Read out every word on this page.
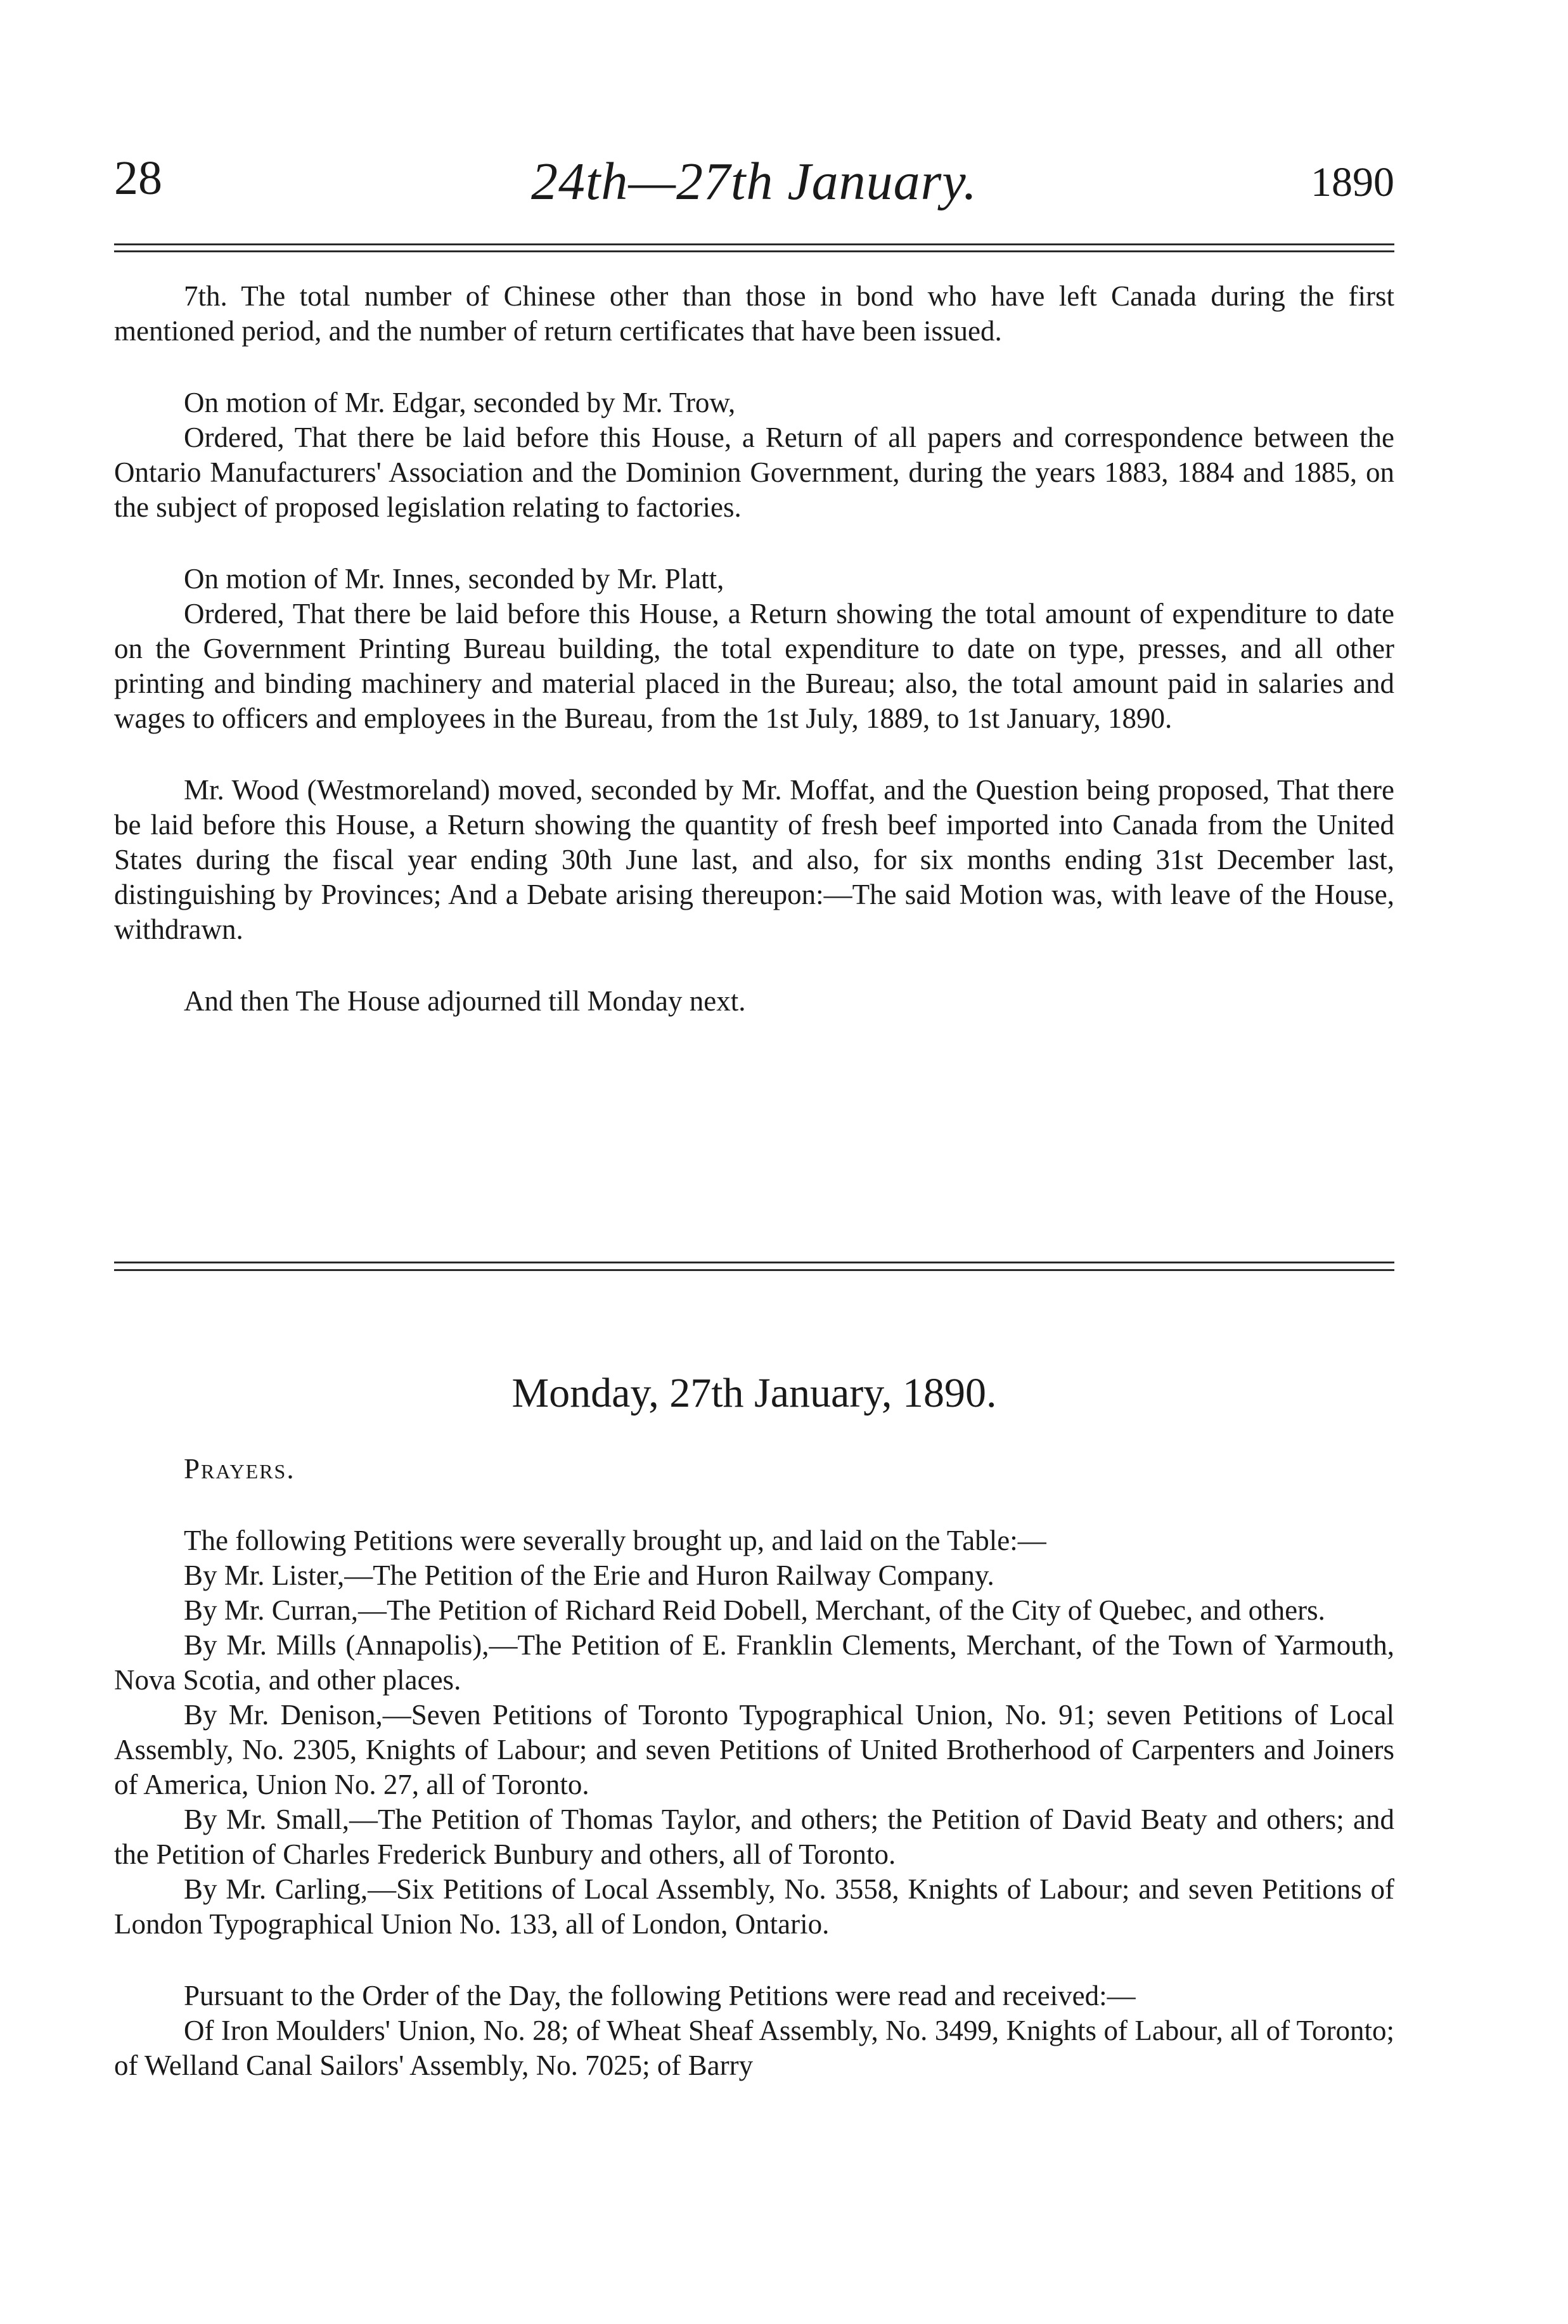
28	24th—27th January.	1890

7th. The total number of Chinese other than those in bond who have left Canada during the first mentioned period, and the number of return certificates that have been issued.

On motion of Mr. Edgar, seconded by Mr. Trow,

Ordered, That there be laid before this House, a Return of all papers and correspondence between the Ontario Manufacturers' Association and the Dominion Government, during the years 1883, 1884 and 1885, on the subject of proposed legislation relating to factories.

On motion of Mr. Innes, seconded by Mr. Platt,

Ordered, That there be laid before this House, a Return showing the total amount of expenditure to date on the Government Printing Bureau building, the total expenditure to date on type, presses, and all other printing and binding machinery and material placed in the Bureau; also, the total amount paid in salaries and wages to officers and employees in the Bureau, from the 1st July, 1889, to 1st January, 1890.

Mr. Wood (Westmoreland) moved, seconded by Mr. Moffat, and the Question being proposed, That there be laid before this House, a Return showing the quantity of fresh beef imported into Canada from the United States during the fiscal year ending 30th June last, and also, for six months ending 31st December last, distinguishing by Provinces; And a Debate arising thereupon:—The said Motion was, with leave of the House, withdrawn.

And then The House adjourned till Monday next.

Monday, 27th January, 1890.

Prayers.

The following Petitions were severally brought up, and laid on the Table:—

By Mr. Lister,—The Petition of the Erie and Huron Railway Company.

By Mr. Curran,—The Petition of Richard Reid Dobell, Merchant, of the City of Quebec, and others.

By Mr. Mills (Annapolis),—The Petition of E. Franklin Clements, Merchant, of the Town of Yarmouth, Nova Scotia, and other places.

By Mr. Denison,—Seven Petitions of Toronto Typographical Union, No. 91; seven Petitions of Local Assembly, No. 2305, Knights of Labour; and seven Petitions of United Brotherhood of Carpenters and Joiners of America, Union No. 27, all of Toronto.

By Mr. Small,—The Petition of Thomas Taylor, and others; the Petition of David Beaty and others; and the Petition of Charles Frederick Bunbury and others, all of Toronto.

By Mr. Carling,—Six Petitions of Local Assembly, No. 3558, Knights of Labour; and seven Petitions of London Typographical Union No. 133, all of London, Ontario.

Pursuant to the Order of the Day, the following Petitions were read and received:—

Of Iron Moulders' Union, No. 28; of Wheat Sheaf Assembly, No. 3499, Knights of Labour, all of Toronto; of Welland Canal Sailors' Assembly, No. 7025; of Barry
